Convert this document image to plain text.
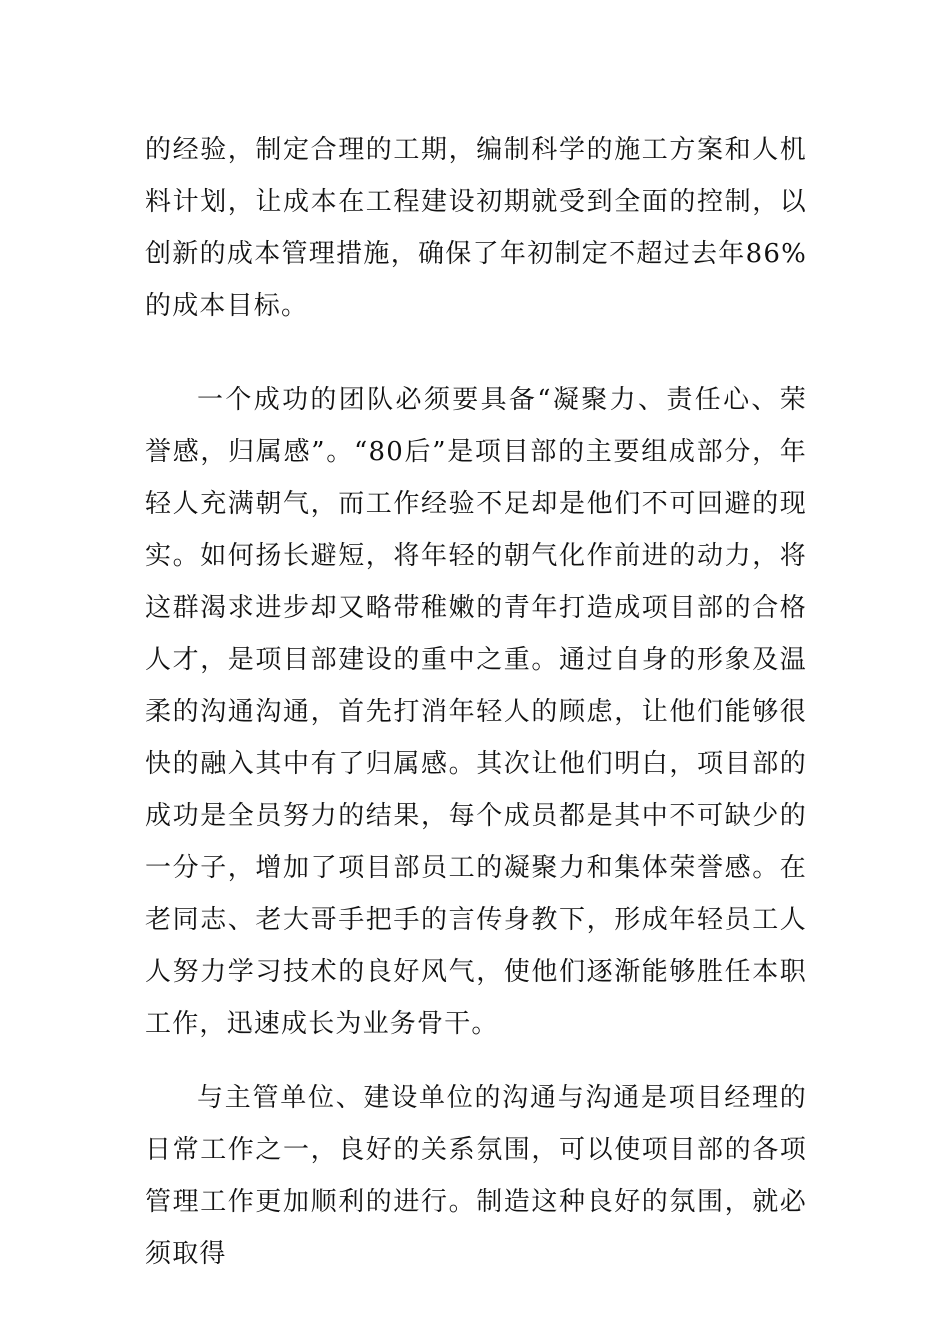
的经验，制定合理的工期，编制科学的施工方案和人机料计划，让成本在工程建设初期就受到全面的控制，以创新的成本管理措施，确保了年初制定不超过去年86%的成本目标。

一个成功的团队必须要具备“凝聚力、责任心、荣誉感，归属感”。“80后”是项目部的主要组成部分，年轻人充满朝气，而工作经验不足却是他们不可回避的现实。如何扬长避短，将年轻的朝气化作前进的动力，将这群渴求进步却又略带稚嫩的青年打造成项目部的合格人才，是项目部建设的重中之重。通过自身的形象及温柔的沟通沟通，首先打消年轻人的顾虑，让他们能够很快的融入其中有了归属感。其次让他们明白，项目部的成功是全员努力的结果，每个成员都是其中不可缺少的一分子，增加了项目部员工的凝聚力和集体荣誉感。在老同志、老大哥手把手的言传身教下，形成年轻员工人人努力学习技术的良好风气，使他们逐渐能够胜任本职工作，迅速成长为业务骨干。

与主管单位、建设单位的沟通与沟通是项目经理的日常工作之一，良好的关系氛围，可以使项目部的各项管理工作更加顺利的进行。制造这种良好的氛围，就必须取得
